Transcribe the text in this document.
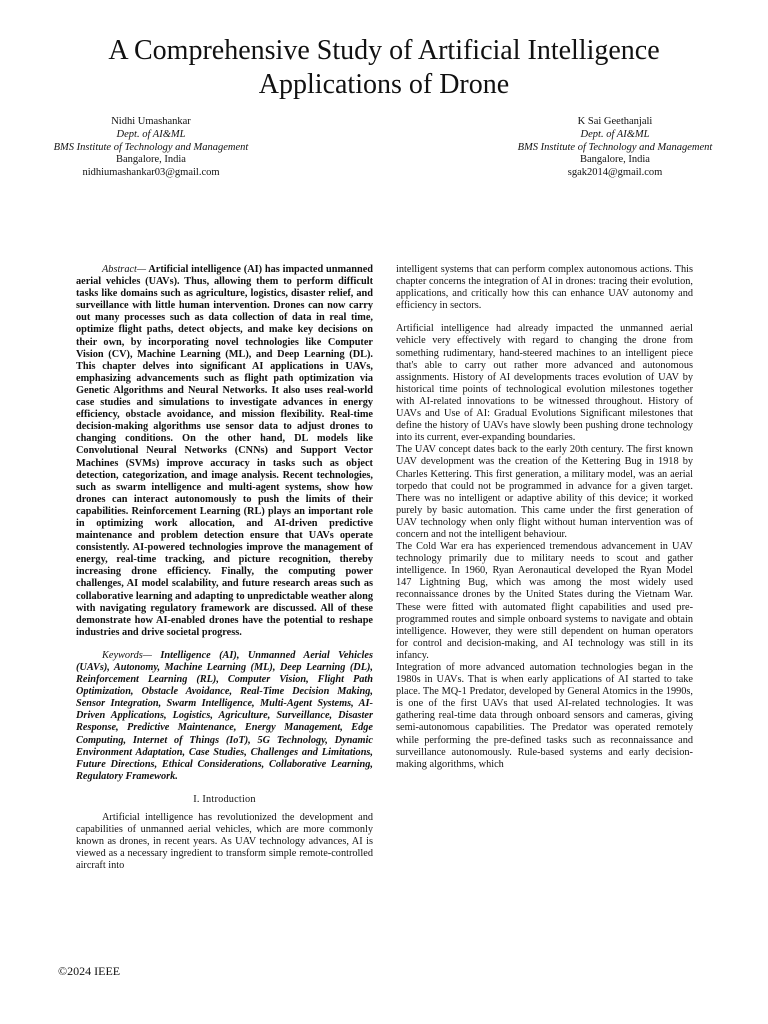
A Comprehensive Study of Artificial Intelligence Applications of Drone
Nidhi Umashankar
Dept. of AI&ML
BMS Institute of Technology and Management
Bangalore, India
nidhiumashankar03@gmail.com
K Sai Geethanjali
Dept. of AI&ML
BMS Institute of Technology and Management
Bangalore, India
sgak2014@gmail.com

Abstract— Artificial intelligence (AI) has impacted unmanned aerial vehicles (UAVs). Thus, allowing them to perform difficult tasks like domains such as agriculture, logistics, disaster relief, and surveillance with little human intervention. Drones can now carry out many processes such as data collection of data in real time, optimize flight paths, detect objects, and make key decisions on their own, by incorporating novel technologies like Computer Vision (CV), Machine Learning (ML), and Deep Learning (DL). This chapter delves into significant AI applications in UAVs, emphasizing advancements such as flight path optimization via Genetic Algorithms and Neural Networks. It also uses real-world case studies and simulations to investigate advances in energy efficiency, obstacle avoidance, and mission flexibility. Real-time decision-making algorithms use sensor data to adjust drones to changing conditions. On the other hand, DL models like Convolutional Neural Networks (CNNs) and Support Vector Machines (SVMs) improve accuracy in tasks such as object detection, categorization, and image analysis. Recent technologies, such as swarm intelligence and multi-agent systems, show how drones can interact autonomously to push the limits of their capabilities. Reinforcement Learning (RL) plays an important role in optimizing work allocation, and AI-driven predictive maintenance and problem detection ensure that UAVs operate consistently. AI-powered technologies improve the management of energy, real-time tracking, and picture recognition, thereby increasing drone efficiency. Finally, the computing power challenges, AI model scalability, and future research areas such as collaborative learning and adapting to unpredictable weather along with navigating regulatory framework are discussed. All of these demonstrate how AI-enabled drones have the potential to reshape industries and drive societal progress.

Keywords— Intelligence (AI), Unmanned Aerial Vehicles (UAVs), Autonomy, Machine Learning (ML), Deep Learning (DL), Reinforcement Learning (RL), Computer Vision, Flight Path Optimization, Obstacle Avoidance, Real-Time Decision Making, Sensor Integration, Swarm Intelligence, Multi-Agent Systems, AI-Driven Applications, Logistics, Agriculture, Surveillance, Disaster Response, Predictive Maintenance, Energy Management, Edge Computing, Internet of Things (IoT), 5G Technology, Dynamic Environment Adaptation, Case Studies, Challenges and Limitations, Future Directions, Ethical Considerations, Collaborative Learning, Regulatory Framework.

I. Introduction

Artificial intelligence has revolutionized the development and capabilities of unmanned aerial vehicles, which are more commonly known as drones, in recent years. As UAV technology advances, AI is viewed as a necessary ingredient to transform simple remote-controlled aircraft into

intelligent systems that can perform complex autonomous actions. This chapter concerns the integration of AI in drones: tracing their evolution, applications, and critically how this can enhance UAV autonomy and efficiency in sectors.

Artificial intelligence had already impacted the unmanned aerial vehicle very effectively with regard to changing the drone from something rudimentary, hand-steered machines to an intelligent piece that's able to carry out rather more advanced and autonomous assignments. History of AI developments traces evolution of UAV by historical time points of technological evolution milestones together with AI-related innovations to be witnessed throughout. History of UAVs and Use of AI: Gradual Evolutions Significant milestones that define the history of UAVs have slowly been pushing drone technology into its current, ever-expanding boundaries.

The UAV concept dates back to the early 20th century. The first known UAV development was the creation of the Kettering Bug in 1918 by Charles Kettering. This first generation, a military model, was an aerial torpedo that could not be programmed in advance for a given target. There was no intelligent or adaptive ability of this device; it worked purely by basic automation. This came under the first generation of UAV technology when only flight without human intervention was of concern and not the intelligent behaviour.

The Cold War era has experienced tremendous advancement in UAV technology primarily due to military needs to scout and gather intelligence. In 1960, Ryan Aeronautical developed the Ryan Model 147 Lightning Bug, which was among the most widely used reconnaissance drones by the United States during the Vietnam War. These were fitted with automated flight capabilities and used pre-programmed routes and simple onboard systems to navigate and obtain intelligence. However, they were still dependent on human operators for control and decision-making, and AI technology was still in its infancy.

Integration of more advanced automation technologies began in the 1980s in UAVs. That is when early applications of AI started to take place. The MQ-1 Predator, developed by General Atomics in the 1990s, is one of the first UAVs that used AI-related technologies. It was gathering real-time data through onboard sensors and cameras, giving semi-autonomous capabilities. The Predator was operated remotely while performing the pre-defined tasks such as reconnaissance and surveillance autonomously. Rule-based systems and early decision-making algorithms, which

©2024 IEEE
